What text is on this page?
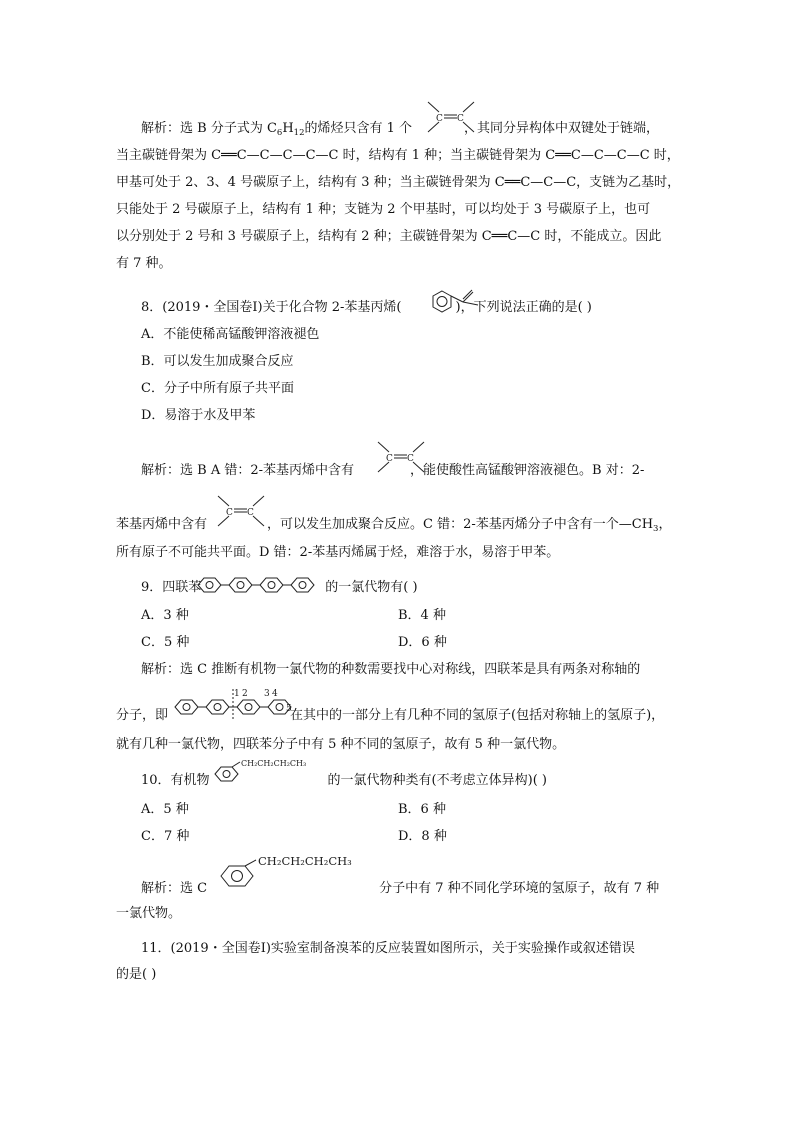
解析：选 B 分子式为 $C_6H_{12}$的烯烃只含有 1 个	，其同分异构体中双键处于链端，
C C
当主碳链骨架为 C══C—C—C—C—C 时，结构有 1 种；当主碳链骨架为 C══C—C—C—C 时，
甲基可处于 2、3、4 号碳原子上，结构有 3 种；当主碳链骨架为 C══C—C—C，支链为乙基时，
只能处于 2 号碳原子上，结构有 1 种；支链为 2 个甲基时，可以均处于 3 号碳原子上，也可
以分别处于 2 号和 3 号碳原子上，结构有 2 种；主碳链骨架为 C══C—C 时，不能成立。因此
有 7 种。
8．(2019・全国卷Ⅰ)关于化合物 2-苯基丙烯(	)，下列说法正确的是( )
A．不能使稀高锰酸钾溶液褪色
B．可以发生加成聚合反应
C．分子中所有原子共平面
D．易溶于水及甲苯
解析：选 B A 错：2-苯基丙烯中含有	，能使酸性高锰酸钾溶液褪色。B 对：2-
C C
苯基丙烯中含有	，可以发生加成聚合反应。C 错：2-苯基丙烯分子中含有一个$—CH_3$，
C C
所有原子不可能共平面。D 错：2-苯基丙烯属于烃，难溶于水，易溶于甲苯。
9．四联苯	的一氯代物有( )
A．3 种	B．4 种
C．5 种	D．6 种
解析：选 C 推断有机物一氯代物的种数需要找中心对称线，四联苯是具有两条对称轴的
分子，即	在其中的一部分上有几种不同的氢原子(包括对称轴上的氢原子)，
1 2 3 4
5
就有几种一氯代物，四联苯分子中有 5 种不同的氢原子，故有 5 种一氯代物。
10．有机物	的一氯代物种类有(不考虑立体异构)( )
CH₂CH₂CH₂CH₃
A．5 种	B．6 种
C．7 种	D．8 种
解析：选 C	分子中有 7 种不同化学环境的氢原子，故有 7 种
CH₂CH₂CH₂CH₃
一氯代物。
11．(2019・全国卷Ⅰ)实验室制备溴苯的反应装置如图所示，关于实验操作或叙述错误
的是( )
